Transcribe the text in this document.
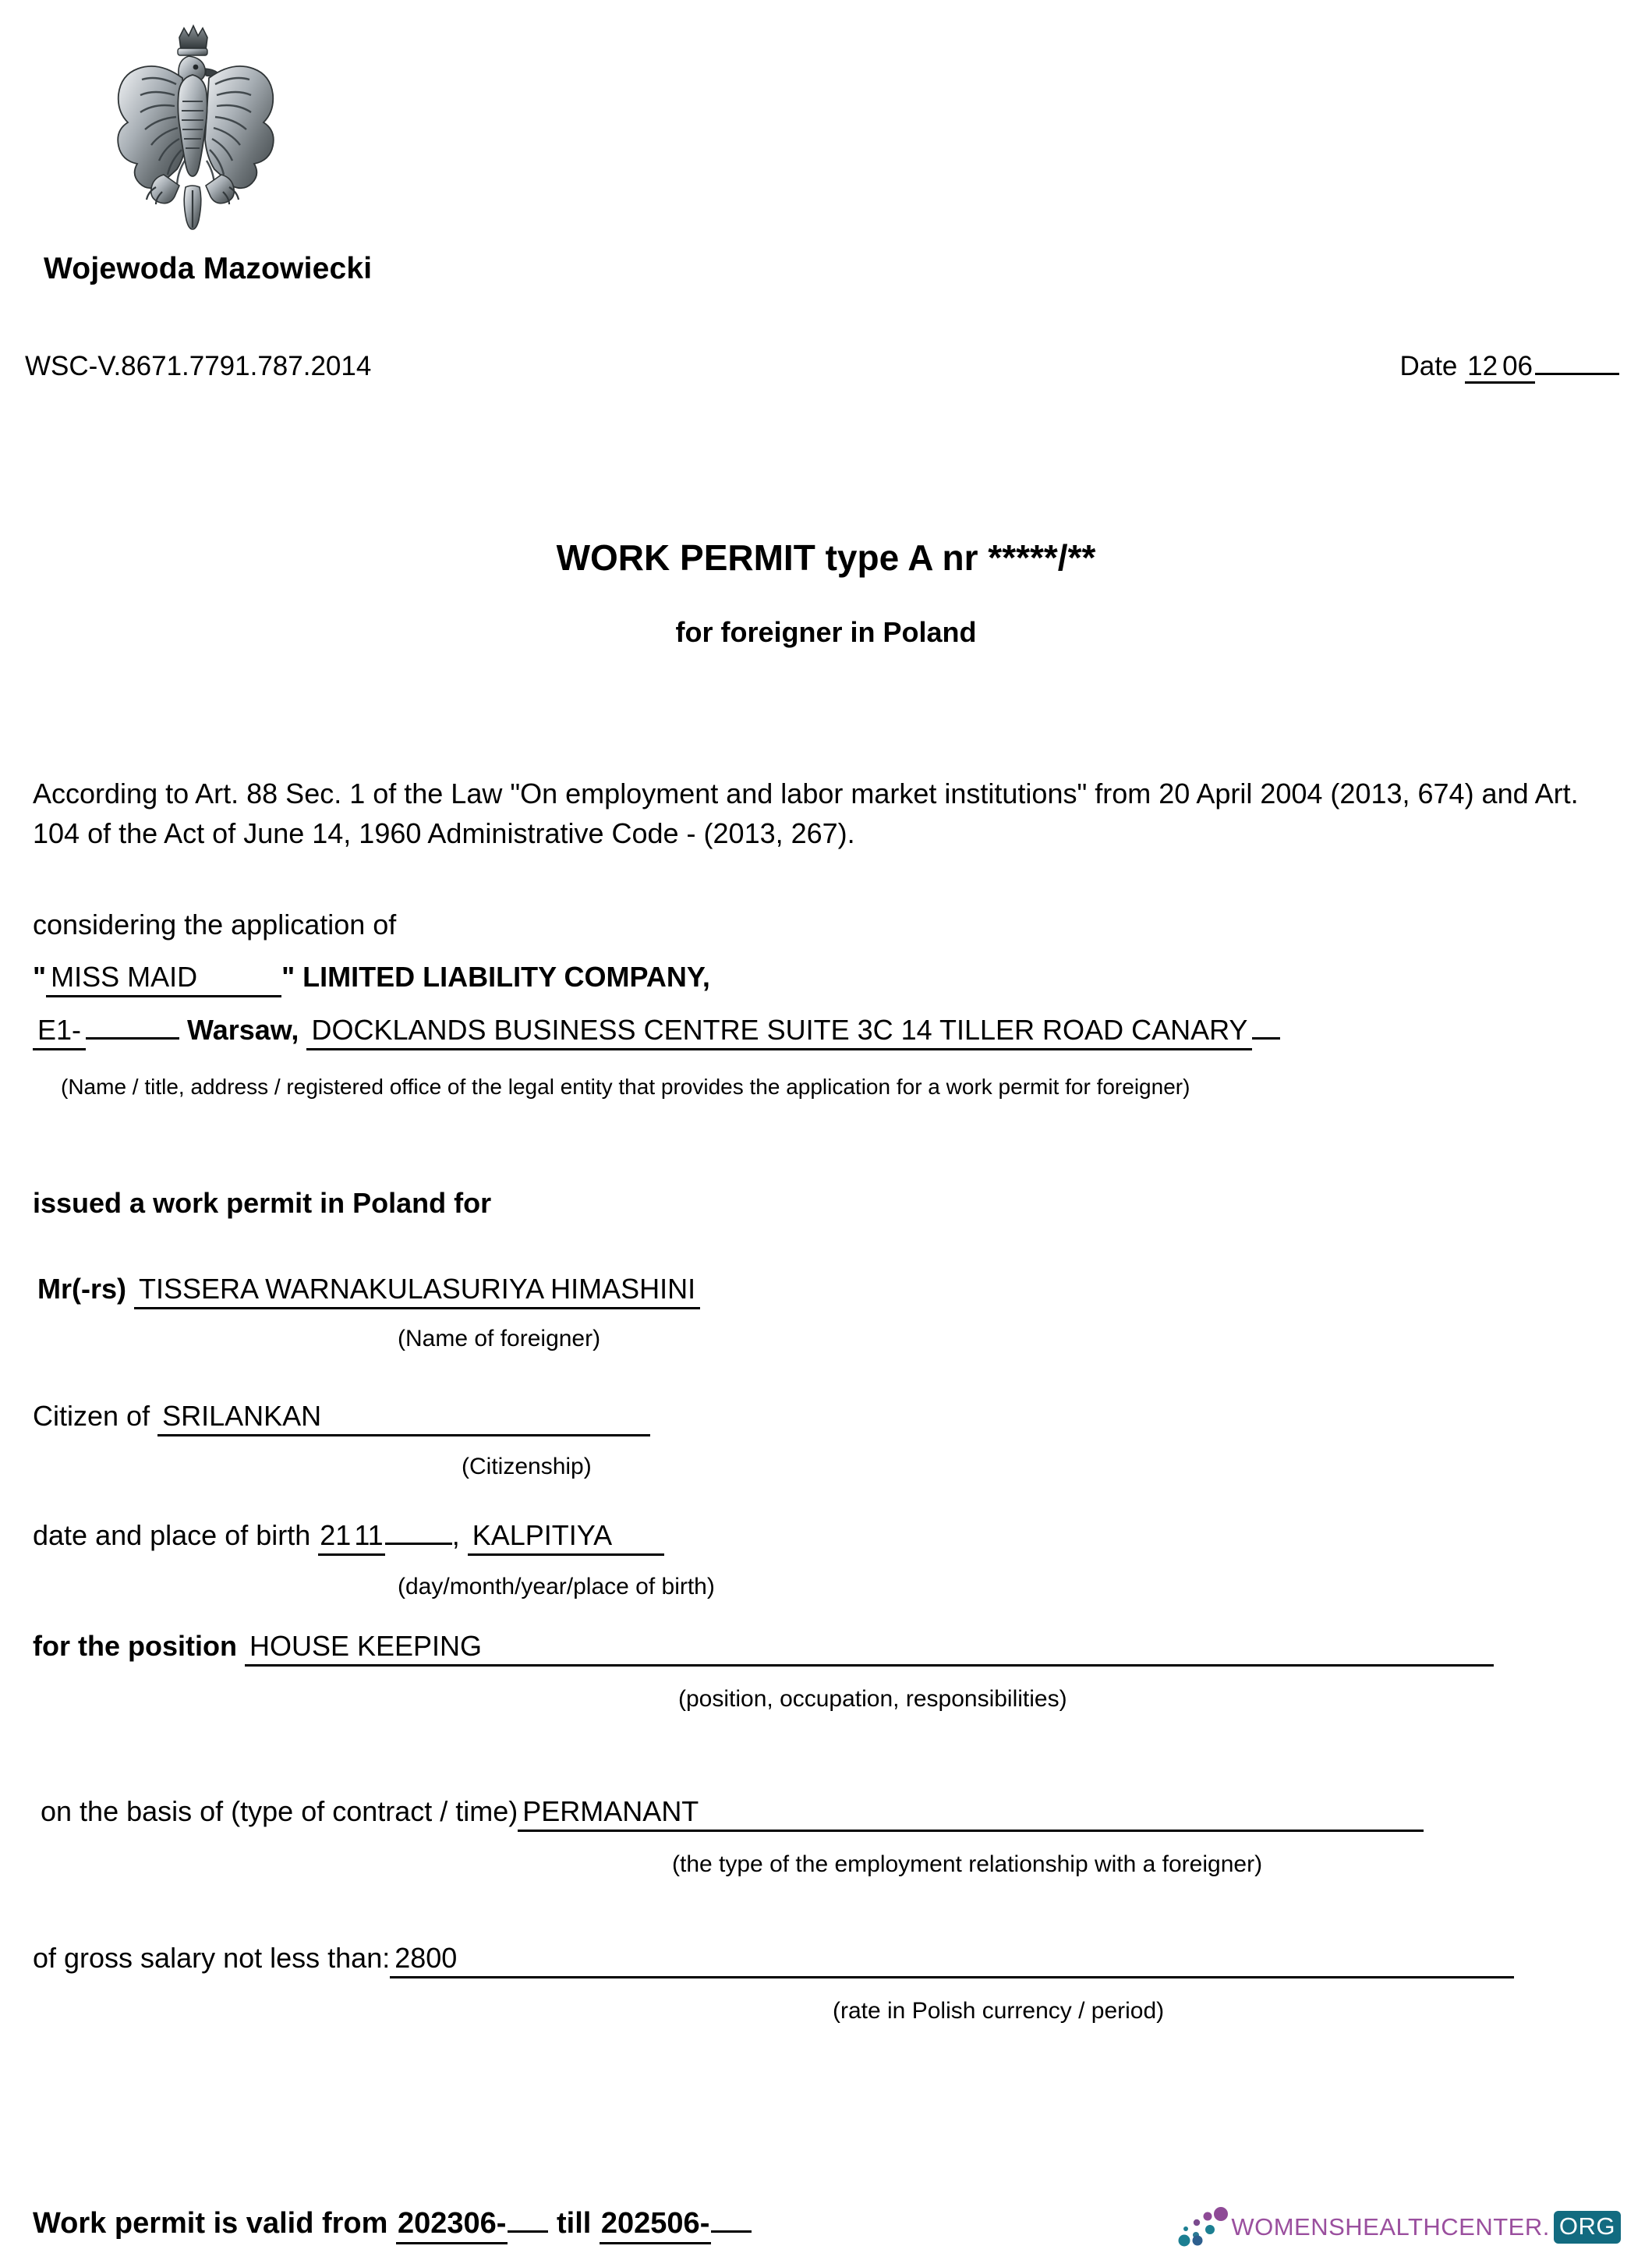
Wojewoda Mazowiecki
WSC-V.8671.7791.787.2014	Date 12 06
WORK PERMIT type A nr *****/**
for foreigner in Poland
According to Art. 88 Sec. 1 of the Law "On employment and labor market institutions" from 20 April 2004 (2013, 674) and Art. 104 of the Act of June 14, 1960 Administrative Code - (2013, 267).
considering the application of
" MISS MAID	" LIMITED LIABILITY COMPANY,
E1-	Warsaw, DOCKLANDS BUSINESS CENTRE SUITE 3C 14 TILLER ROAD CANARY
(Name / title, address / registered office of the legal entity that provides the application for a work permit for foreigner)
issued a work permit in Poland for
Mr(-rs) TISSERA WARNAKULASURIYA HIMASHINI
(Name of foreigner)
Citizen of SRILANKAN
(Citizenship)
date and place of birth 21 11 , KALPITIYA
(day/month/year/place of birth)
for the position HOUSE KEEPING
(position, occupation, responsibilities)
on the basis of (type of contract / time) PERMANANT
(the type of the employment relationship with a foreigner)
of gross salary not less than: 2800
(rate in Polish currency / period)
Work permit is valid from 202306- till 202506-	WOMENSHEALTHCENTER. ORG
